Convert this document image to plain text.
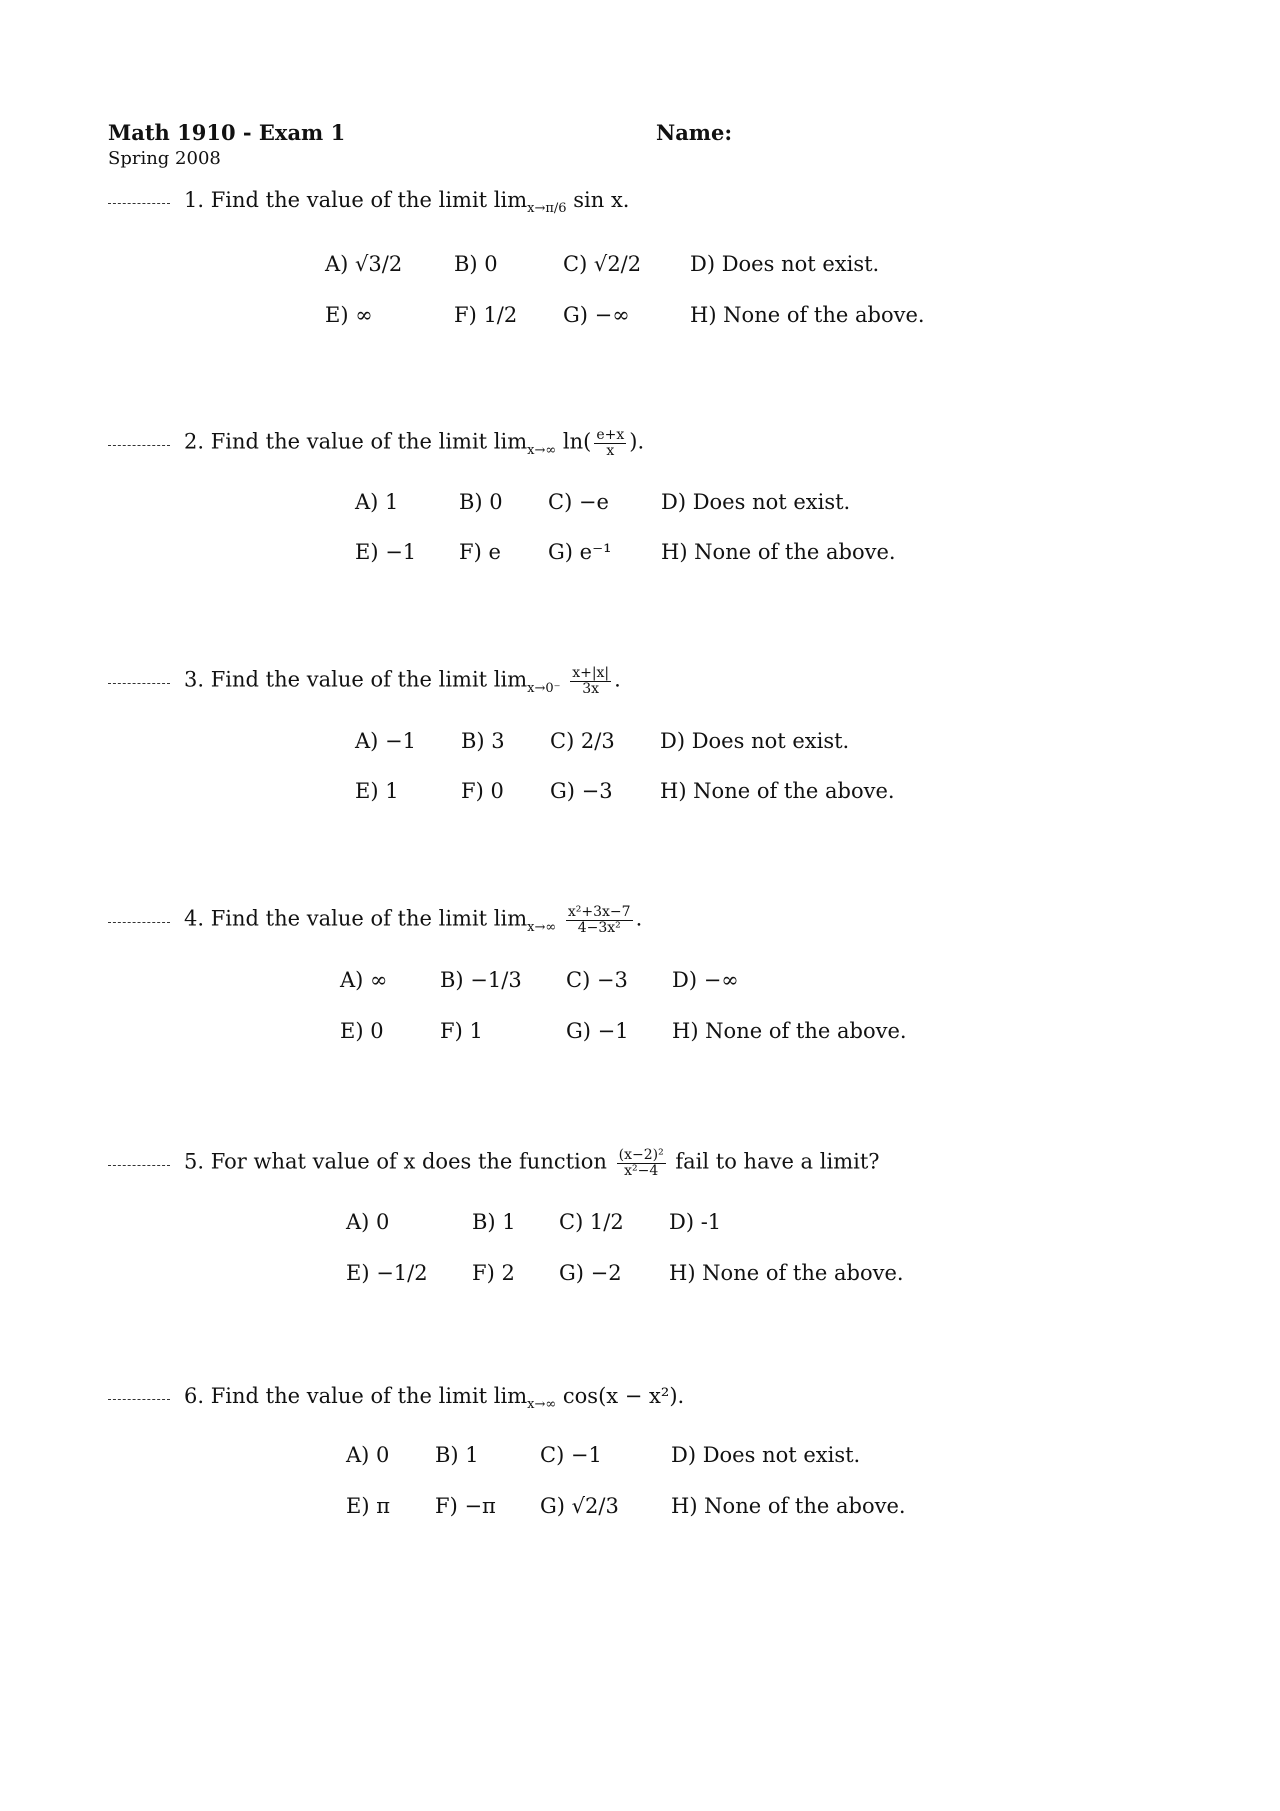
Math 1910 - Exam 1
Spring 2008
Name:
1. Find the value of the limit $\lim_{x\to\pi/6} \sin x$.
A) √3/2 B) 0	C) √2/2 D) Does not exist.
E) ∞	F) 1/2 G) −∞	H) None of the above.
2. Find the value of the limit $\lim_{x\to\infty} \ln( \frac{e+x}{x}$ ).
A) 1	B) 0 C) −e D) Does not exist.
E) −1 F) e G) e⁻¹ H) None of the above.
3. Find the value of the limit $\lim_{x\to 0^-} \frac{x+|x|}{3x}$ .
A) −1 B) 3 C) 2/3 D) Does not exist.
E) 1	F) 0 G) −3 H) None of the above.
4. Find the value of the limit $\lim_{x\to\infty} \frac{\text{x²+3x−7}}{\text{4−3x²}}$ .
A) ∞ B) −1/3 C) −3 D) −∞
E) 0	F) 1	G) −1 H) None of the above.
5. For what value of x does the function $\frac{\text{(x−2)²}}{\text{x²−4}}$ fail to have a limit?
A) 0	B) 1 C) 1/2 D) -1
E) −1/2 F) 2 G) −2 H) None of the above.
6. Find the value of the limit $\lim_{x\to\infty} \cos(x - x^2)$.
A) 0 B) 1	C) −1	D) Does not exist.
E) π F) −π G) √2/3 H) None of the above.
